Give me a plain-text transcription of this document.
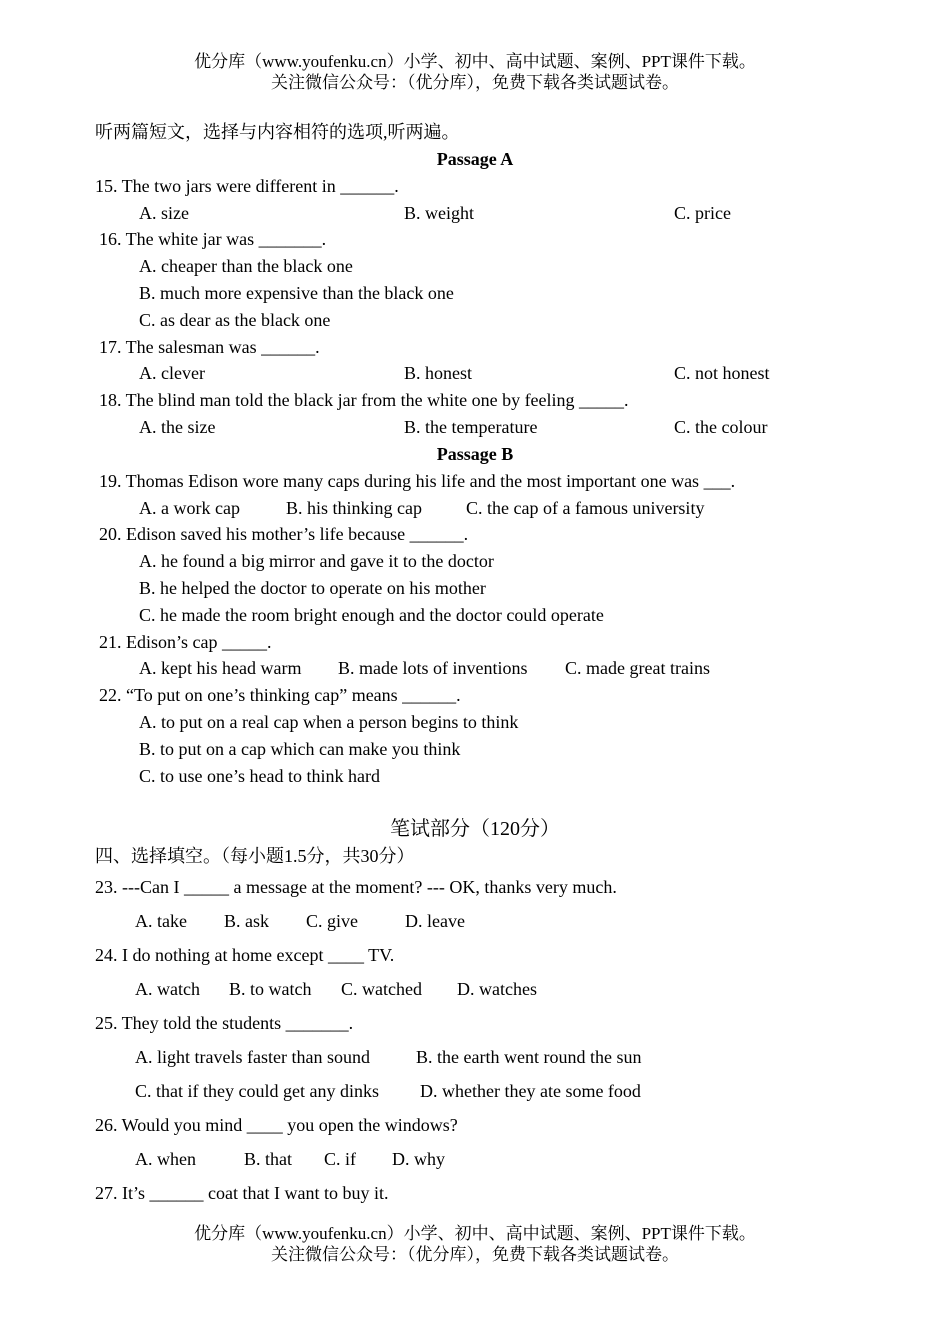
优分库（www.youfenku.cn）小学、初中、高中试题、案例、PPT课件下载。
关注微信公众号：（优分库），免费下载各类试题试卷。
听两篇短文，选择与内容相符的选项,听两遍。
Passage A
15. The two jars were different in ______.
A. size	B. weight	C. price
16. The white jar was _______.
A. cheaper than the black one
B. much more expensive than the black one
C. as dear as the black one
17. The salesman was ______.
A. clever	B. honest	C. not honest
18. The blind man told the black jar from the white one by feeling _____.
A. the size	B. the temperature	C. the colour
Passage B
19. Thomas Edison wore many caps during his life and the most important one was ___.
A. a work cap	B. his thinking cap C. the cap of a famous university
20. Edison saved his mother’s life because ______.
A. he found a big mirror and gave it to the doctor
B. he helped the doctor to operate on his mother
C. he made the room bright enough and the doctor could operate
21. Edison’s cap _____.
A. kept his head warm B. made lots of inventions C. made great trains
22. “To put on one’s thinking cap” means ______.
A. to put on a real cap when a person begins to think
B. to put on a cap which can make you think
C. to use one’s head to think hard
笔试部分（120分）
四、选择填空。（每小题1.5分，共30分）
23. ---Can I _____ a message at the moment? --- OK, thanks very much.
A. take B. ask C. give	D. leave
24. I do nothing at home except ____ TV.
A. watch B. to watch C. watched D. watches
25. They told the students _______.
A. light travels faster than sound	B. the earth went round the sun
C. that if they could get any dinks D. whether they ate some food
26. Would you mind ____ you open the windows?
A. when	B. that C. if D. why
27. It’s ______ coat that I want to buy it.
优分库（www.youfenku.cn）小学、初中、高中试题、案例、PPT课件下载。
关注微信公众号：（优分库），免费下载各类试题试卷。
